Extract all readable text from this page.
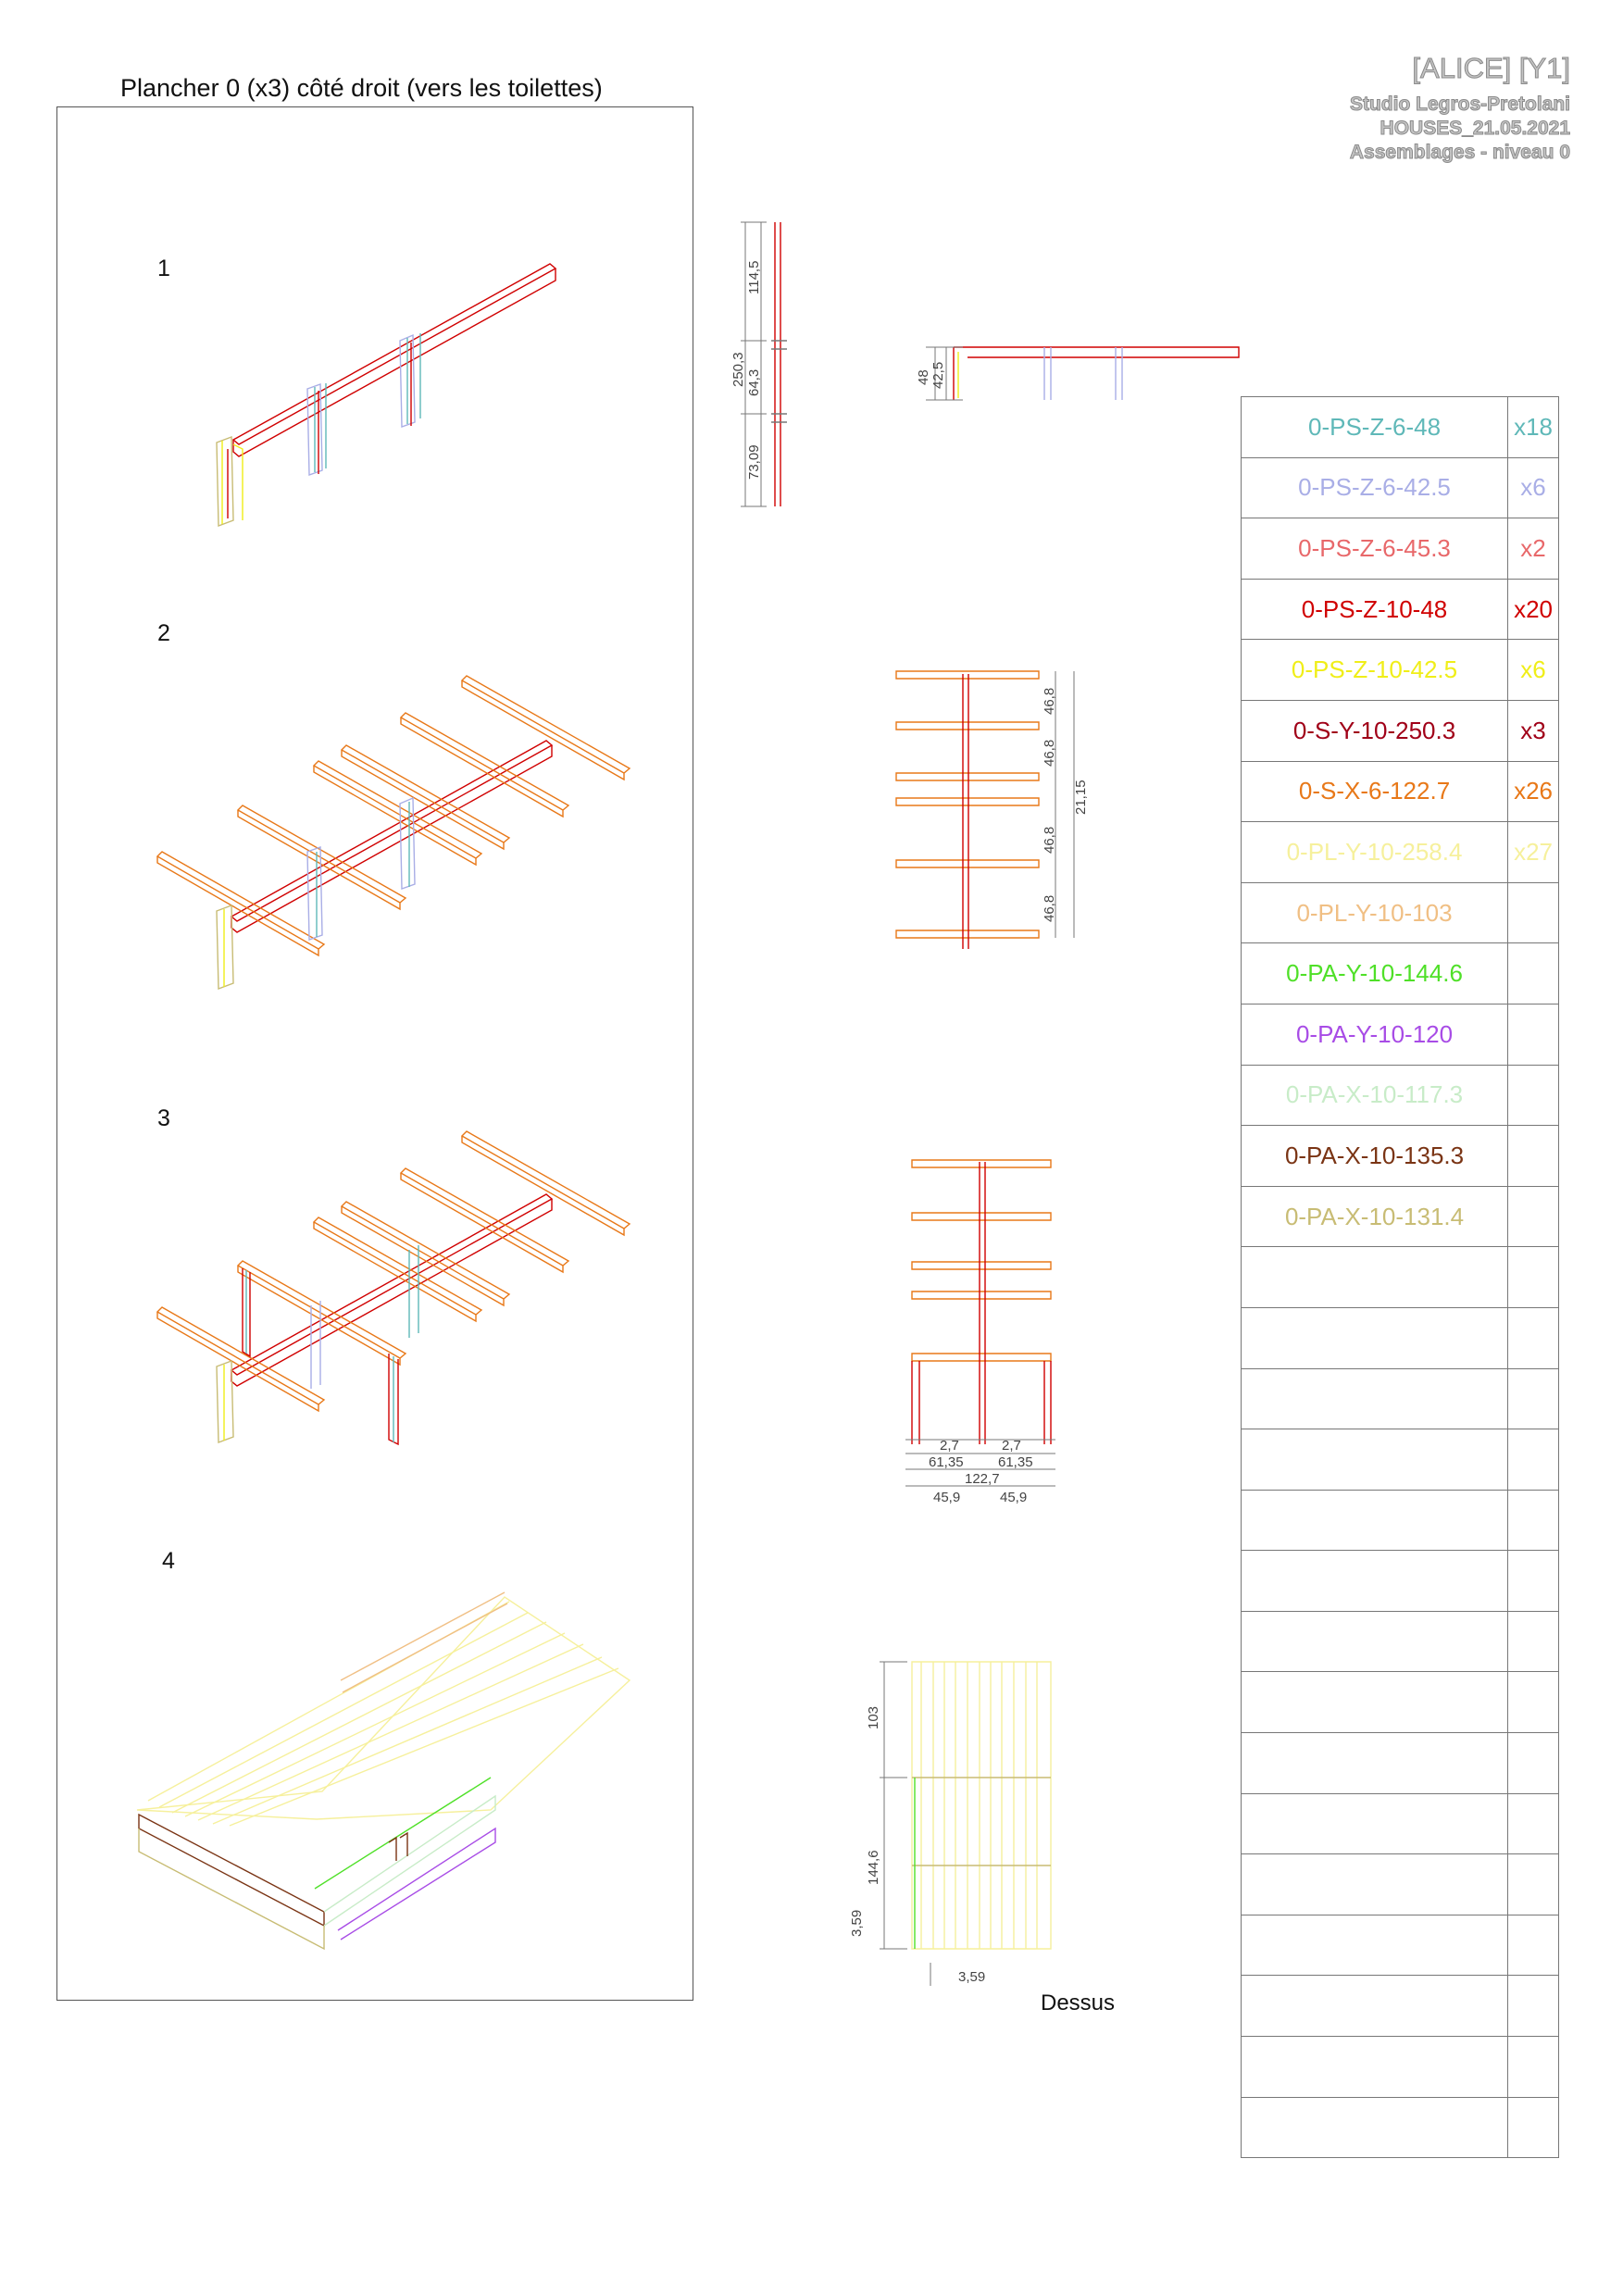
Plancher 0 (x3) côté droit (vers les toilettes)
[ALICE] [Y1]
Studio Legros-Pretolani
HOUSES_21.05.2021
Assemblages - niveau 0
1
2
3
4
250,3
114,5
64,3
73,09
48 42,5
46,8
46,8
46,8
46,8
21,15
2,7	2,7
61,35 61,35
122,7
45,9	45,9
103
144,6
3,59
3,59
Dessus
0-PS-Z-6-48	x18
0-PS-Z-6-42.5	x6
0-PS-Z-6-45.3	x2
0-PS-Z-10-48	x20
0-PS-Z-10-42.5	x6
0-S-Y-10-250.3	x3
0-S-X-6-122.7	x26
0-PL-Y-10-258.4	x27
0-PL-Y-10-103	
0-PA-Y-10-144.6	
0-PA-Y-10-120	
0-PA-X-10-117.3	
0-PA-X-10-135.3	
0-PA-X-10-131.4	
